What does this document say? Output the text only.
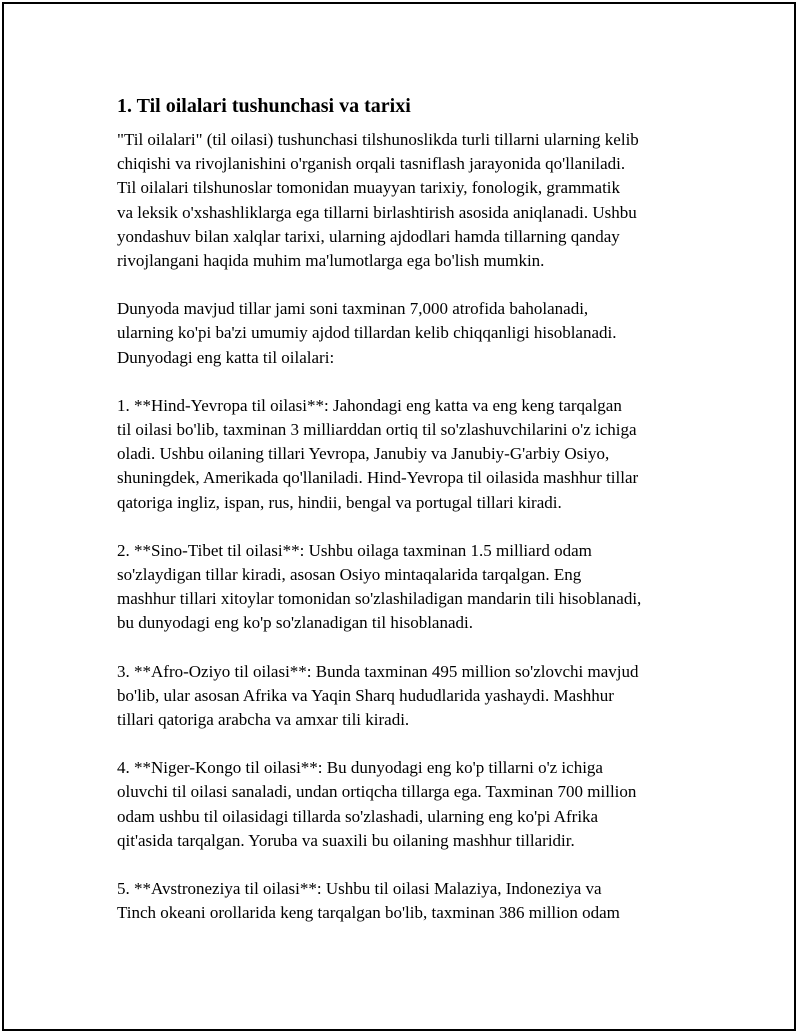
1. Til oilalari tushunchasi va tarixi

"Til oilalari" (til oilasi) tushunchasi tilshunoslikda turli tillarni ularning kelib
chiqishi va rivojlanishini o'rganish orqali tasniflash jarayonida qo'llaniladi.
Til oilalari tilshunoslar tomonidan muayyan tarixiy, fonologik, grammatik
va leksik o'xshashliklarga ega tillarni birlashtirish asosida aniqlanadi. Ushbu
yondashuv bilan xalqlar tarixi, ularning ajdodlari hamda tillarning qanday
rivojlangani haqida muhim ma'lumotlarga ega bo'lish mumkin.

Dunyoda mavjud tillar jami soni taxminan 7,000 atrofida baholanadi,
ularning ko'pi ba'zi umumiy ajdod tillardan kelib chiqqanligi hisoblanadi.
Dunyodagi eng katta til oilalari:

1. **Hind-Yevropa til oilasi**: Jahondagi eng katta va eng keng tarqalgan
til oilasi bo'lib, taxminan 3 milliarddan ortiq til so'zlashuvchilarini o'z ichiga
oladi. Ushbu oilaning tillari Yevropa, Janubiy va Janubiy-G'arbiy Osiyo,
shuningdek, Amerikada qo'llaniladi. Hind-Yevropa til oilasida mashhur tillar
qatoriga ingliz, ispan, rus, hindii, bengal va portugal tillari kiradi.

2. **Sino-Tibet til oilasi**: Ushbu oilaga taxminan 1.5 milliard odam
so'zlaydigan tillar kiradi, asosan Osiyo mintaqalarida tarqalgan. Eng
mashhur tillari xitoylar tomonidan so'zlashiladigan mandarin tili hisoblanadi,
bu dunyodagi eng ko'p so'zlanadigan til hisoblanadi.

3. **Afro-Oziyo til oilasi**: Bunda taxminan 495 million so'zlovchi mavjud
bo'lib, ular asosan Afrika va Yaqin Sharq hududlarida yashaydi. Mashhur
tillari qatoriga arabcha va amxar tili kiradi.

4. **Niger-Kongo til oilasi**: Bu dunyodagi eng ko'p tillarni o'z ichiga
oluvchi til oilasi sanaladi, undan ortiqcha tillarga ega. Taxminan 700 million
odam ushbu til oilasidagi tillarda so'zlashadi, ularning eng ko'pi Afrika
qit'asida tarqalgan. Yoruba va suaxili bu oilaning mashhur tillaridir.

5. **Avstroneziya til oilasi**: Ushbu til oilasi Malaziya, Indoneziya va
Tinch okeani orollarida keng tarqalgan bo'lib, taxminan 386 million odam
